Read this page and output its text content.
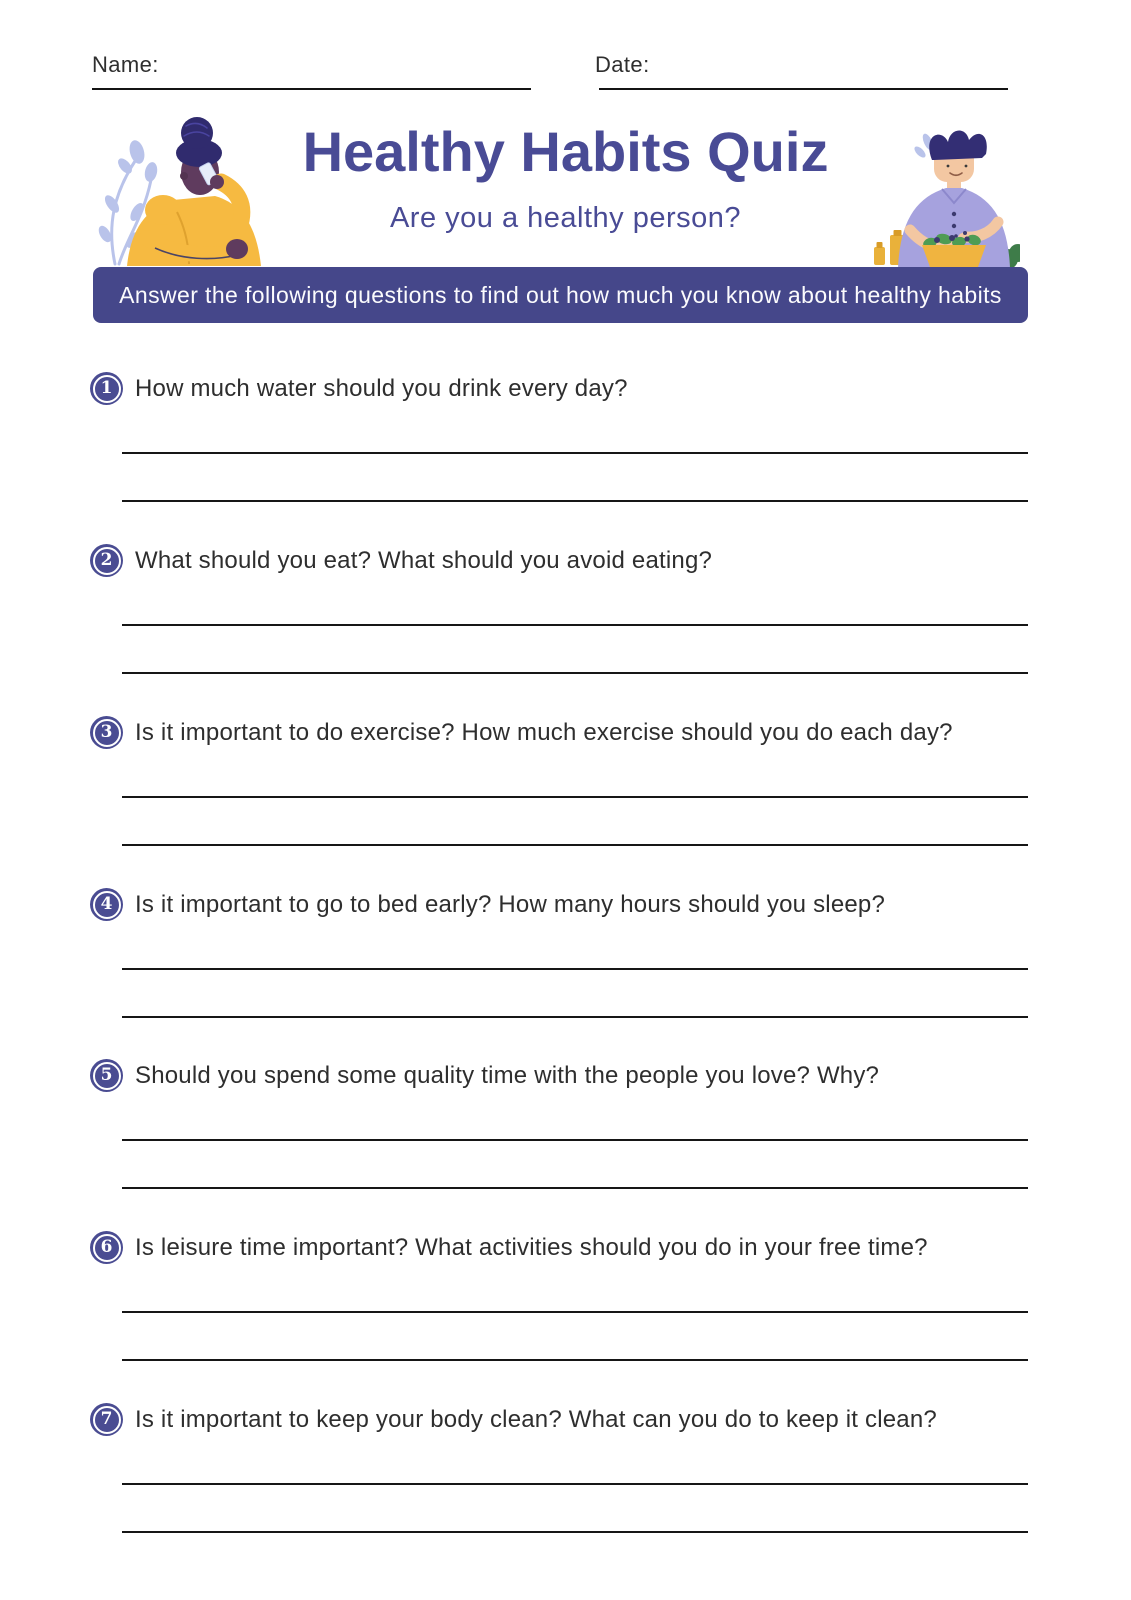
Name:	Date:
Healthy Habits Quiz
Are you a healthy person?
Answer the following questions to find out how much you know about healthy habits
1 How much water should you drink every day?

2 What should you eat? What should you avoid eating?

3 Is it important to do exercise? How much exercise should you do each day?

4 Is it important to go to bed early? How many hours should you sleep?

5 Should you spend some quality time with the people you love? Why?

6 Is leisure time important? What activities should you do in your free time?

7 Is it important to keep your body clean? What can you do to keep it clean?
